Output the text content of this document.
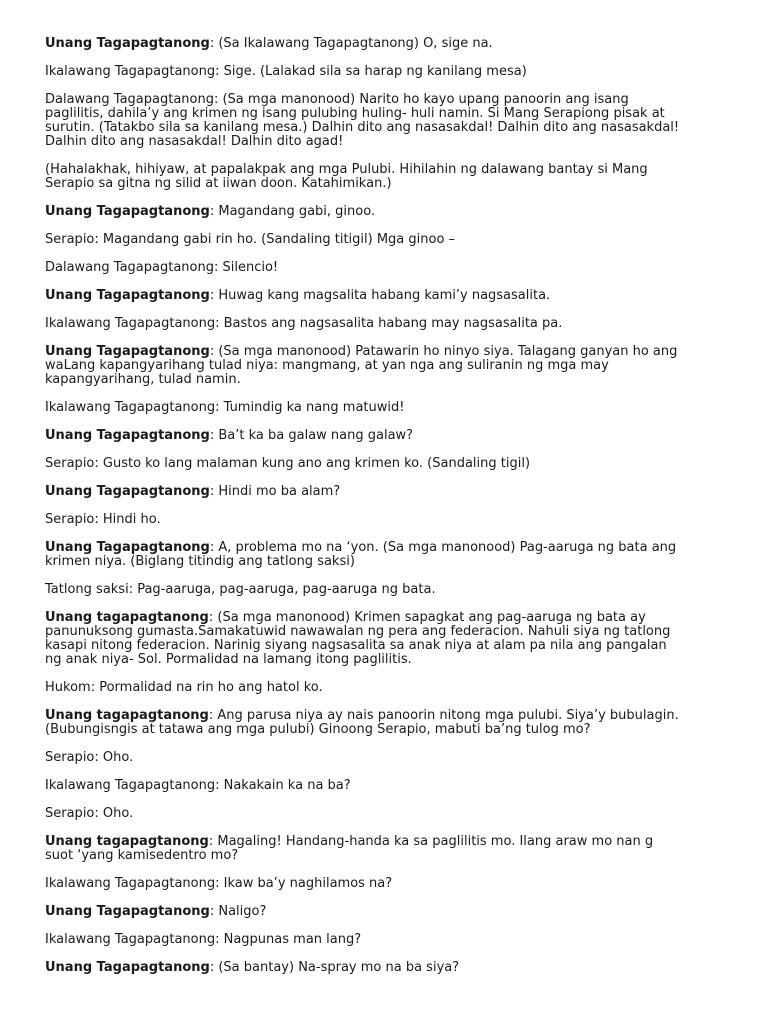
Unang Tagapagtanong: (Sa Ikalawang Tagapagtanong) O, sige na.
Ikalawang Tagapagtanong: Sige. (Lalakad sila sa harap ng kanilang mesa)
Dalawang Tagapagtanong: (Sa mga manonood) Narito ho kayo upang panoorin ang isang
paglilitis, dahila’y ang krimen ng isang pulubing huling- huli namin. Si Mang Serapiong pisak at
surutin. (Tatakbo sila sa kanilang mesa.) Dalhin dito ang nasasakdal! Dalhin dito ang nasasakdal!
Dalhin dito ang nasasakdal! Dalhin dito agad!
(Hahalakhak, hihiyaw, at papalakpak ang mga Pulubi. Hihilahin ng dalawang bantay si Mang
Serapio sa gitna ng silid at iiwan doon. Katahimikan.)
Unang Tagapagtanong: Magandang gabi, ginoo.
Serapio: Magandang gabi rin ho. (Sandaling titigil) Mga ginoo –
Dalawang Tagapagtanong: Silencio!
Unang Tagapagtanong: Huwag kang magsalita habang kami’y nagsasalita.
Ikalawang Tagapagtanong: Bastos ang nagsasalita habang may nagsasalita pa.
Unang Tagapagtanong: (Sa mga manonood) Patawarin ho ninyo siya. Talagang ganyan ho ang
waLang kapangyarihang tulad niya: mangmang, at yan nga ang suliranin ng mga may
kapangyarihang, tulad namin.
Ikalawang Tagapagtanong: Tumindig ka nang matuwid!
Unang Tagapagtanong: Ba’t ka ba galaw nang galaw?
Serapio: Gusto ko lang malaman kung ano ang krimen ko. (Sandaling tigil)
Unang Tagapagtanong: Hindi mo ba alam?
Serapio: Hindi ho.
Unang Tagapagtanong: A, problema mo na ‘yon. (Sa mga manonood) Pag-aaruga ng bata ang
krimen niya. (Biglang titindig ang tatlong saksi)
Tatlong saksi: Pag-aaruga, pag-aaruga, pag-aaruga ng bata.
Unang tagapagtanong: (Sa mga manonood) Krimen sapagkat ang pag-aaruga ng bata ay
panunuksong gumasta.Samakatuwid nawawalan ng pera ang federacion. Nahuli siya ng tatlong
kasapi nitong federacion. Narinig siyang nagsasalita sa anak niya at alam pa nila ang pangalan
ng anak niya- Sol. Pormalidad na lamang itong paglilitis.
Hukom: Pormalidad na rin ho ang hatol ko.
Unang tagapagtanong: Ang parusa niya ay nais panoorin nitong mga pulubi. Siya’y bubulagin.
(Bubungisngis at tatawa ang mga pulubi) Ginoong Serapio, mabuti ba’ng tulog mo?
Serapio: Oho.
Ikalawang Tagapagtanong: Nakakain ka na ba?
Serapio: Oho.
Unang tagapagtanong: Magaling! Handang-handa ka sa paglilitis mo. Ilang araw mo nan g
suot ‘yang kamisedentro mo?
Ikalawang Tagapagtanong: Ikaw ba’y naghilamos na?
Unang Tagapagtanong: Naligo?
Ikalawang Tagapagtanong: Nagpunas man lang?
Unang Tagapagtanong: (Sa bantay) Na-spray mo na ba siya?
